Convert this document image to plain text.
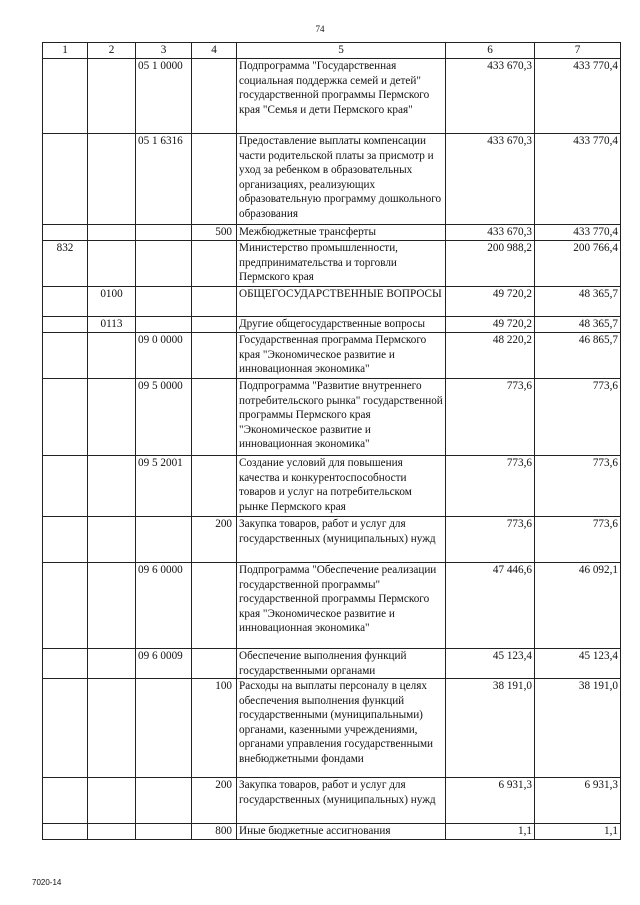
74
1	2	3	4	5	6	7
		05 1 0000		Подпрограмма "Государственная социальная поддержка семей и детей" государственной программы Пермского края "Семья и дети Пермского края"	433 670,3	433 770,4
		05 1 6316		Предоставление выплаты компенсации части родительской платы за присмотр и уход за ребенком в образовательных организациях, реализующих образовательную программу дошкольного образования	433 670,3	433 770,4
			500	Межбюджетные трансферты	433 670,3	433 770,4
832				Министерство промышленности, предпринимательства и торговли Пермского края	200 988,2	200 766,4
	0100			ОБЩЕГОСУДАРСТВЕННЫЕ ВОПРОСЫ	49 720,2	48 365,7
	0113			Другие общегосударственные вопросы	49 720,2	48 365,7
		09 0 0000		Государственная программа Пермского края "Экономическое развитие и инновационная экономика"	48 220,2	46 865,7
		09 5 0000		Подпрограмма "Развитие внутреннего потребительского рынка" государственной программы Пермского края "Экономическое развитие и инновационная экономика"	773,6	773,6
		09 5 2001		Создание условий для повышения качества и конкурентоспособности товаров и услуг на потребительском рынке Пермского края	773,6	773,6
			200	Закупка товаров, работ и услуг для государственных (муниципальных) нужд	773,6	773,6
		09 6 0000		Подпрограмма "Обеспечение реализации государственной программы" государственной программы Пермского края "Экономическое развитие и инновационная экономика"	47 446,6	46 092,1
		09 6 0009		Обеспечение выполнения функций государственными органами	45 123,4	45 123,4
			100	Расходы на выплаты персоналу в целях обеспечения выполнения функций государственными (муниципальными) органами, казенными учреждениями, органами управления государственными внебюджетными фондами	38 191,0	38 191,0
			200	Закупка товаров, работ и услуг для государственных (муниципальных) нужд	6 931,3	6 931,3
			800	Иные бюджетные ассигнования	1,1	1,1
7020-14
